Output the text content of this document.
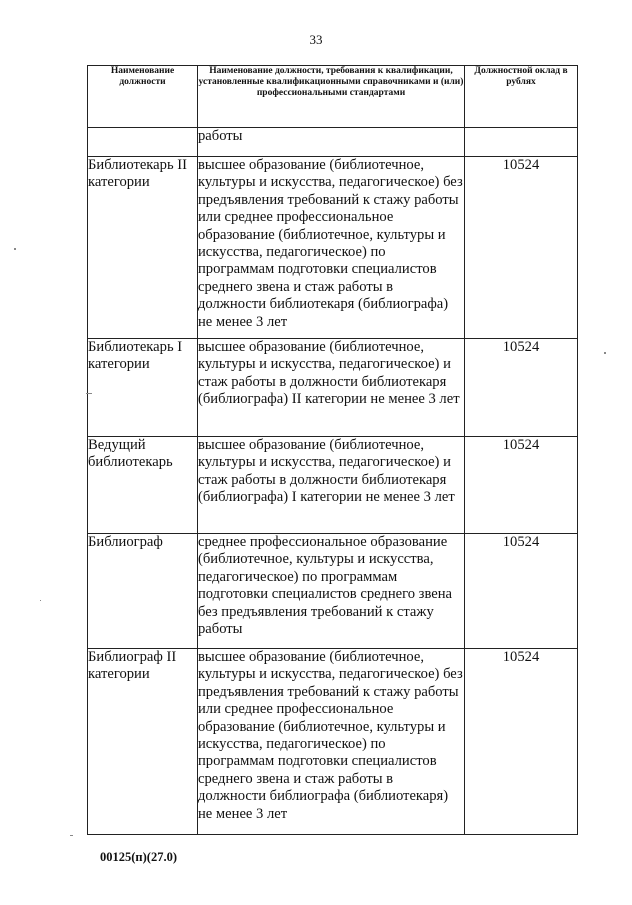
33
Наименование должности	Наименование должности, требования к квалификации, установленные квалификационными справочниками и (или) профессиональными стандартами	Должностной оклад в рублях
	работы	
Библиотекарь II категории	высшее образование (библиотечное, культуры и искусства, педагогическое) без предъявления требований к стажу работы или среднее профессиональное образование (библиотечное, культуры и искусства, педагогическое) по программам подготовки специалистов среднего звена и стаж работы в должности библиотекаря (библиографа) не менее 3 лет	10524
Библиотекарь I категории	высшее образование (библиотечное, культуры и искусства, педагогическое) и стаж работы в должности библиотекаря (библиографа) II категории не менее 3 лет	10524
Ведущий библиотекарь	высшее образование (библиотечное, культуры и искусства, педагогическое) и стаж работы в должности библиотекаря (библиографа) I категории не менее 3 лет	10524
Библиограф	среднее профессиональное образование (библиотечное, культуры и искусства, педагогическое) по программам подготовки специалистов среднего звена без предъявления требований к стажу работы	10524
Библиограф II категории	высшее образование (библиотечное, культуры и искусства, педагогическое) без предъявления требований к стажу работы или среднее профессиональное образование (библиотечное, культуры и искусства, педагогическое) по программам подготовки специалистов среднего звена и стаж работы в должности библиографа (библиотекаря) не менее 3 лет	10524
00125(п)(27.0)
